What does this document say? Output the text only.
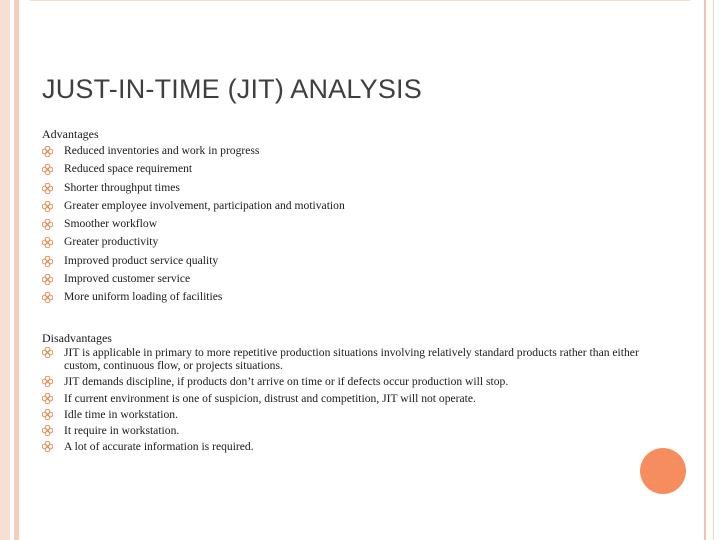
JUST-IN-TIME (JIT) ANALYSIS

Advantages

Reduced inventories and work in progress
Reduced space requirement
Shorter throughput times
Greater employee involvement, participation and motivation
Smoother workflow
Greater productivity
Improved product service quality
Improved customer service
More uniform loading of facilities

Disadvantages

JIT is applicable in primary to more repetitive production situations involving relatively standard products rather than either custom, continuous flow, or projects situations.
JIT demands discipline, if products don’t arrive on time or if defects occur production will stop.
If current environment is one of suspicion, distrust and competition, JIT will not operate.
Idle time in workstation.
It require in workstation.
A lot of accurate information is required.
